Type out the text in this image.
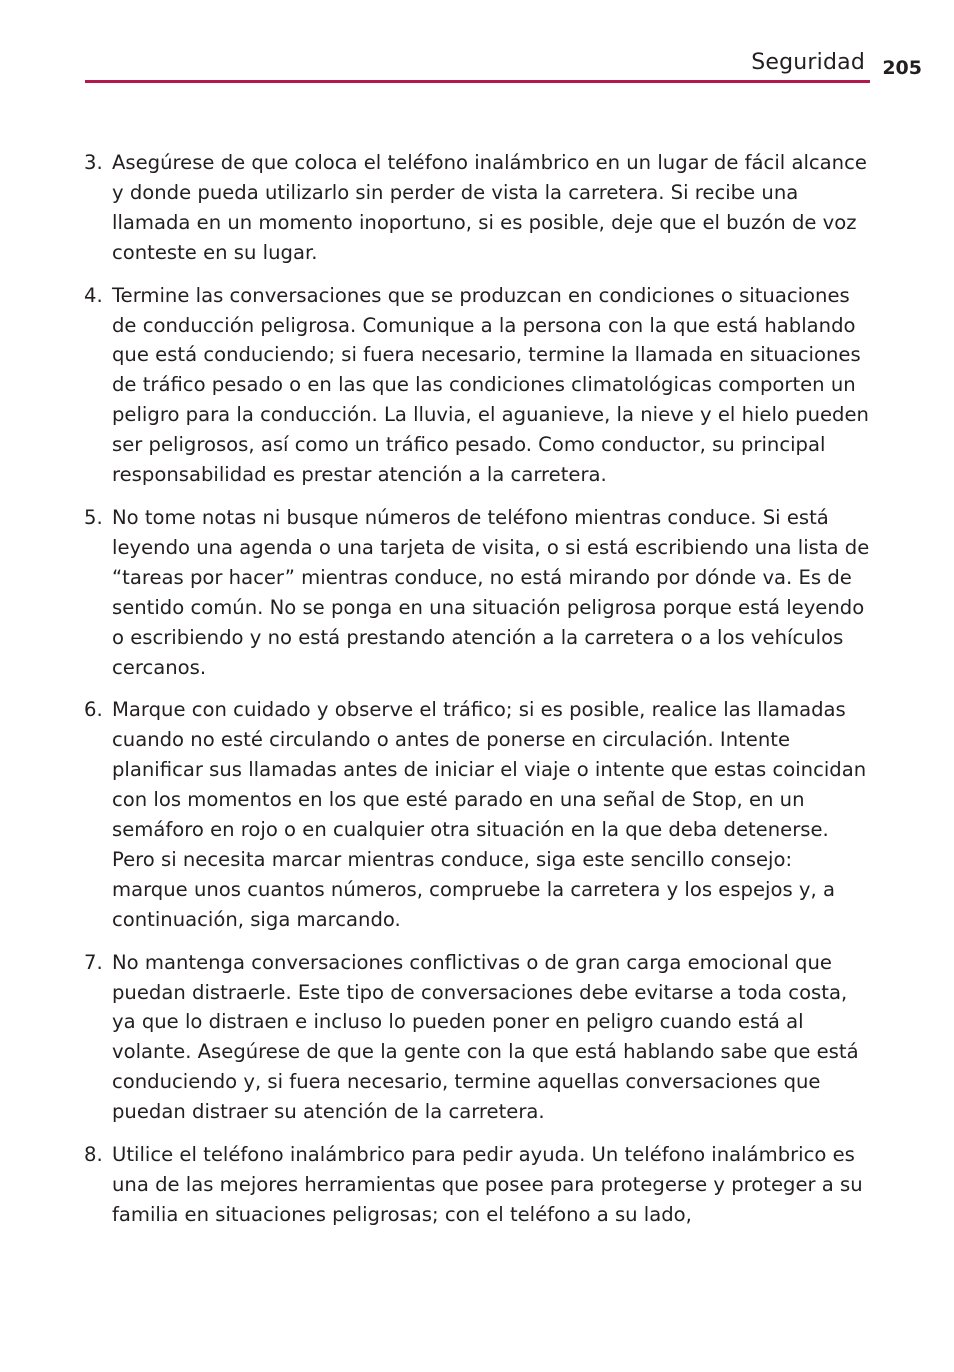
Seguridad 205
3. Asegúrese de que coloca el teléfono inalámbrico en un lugar de fácil alcance y donde pueda utilizarlo sin perder de vista la carretera. Si recibe una llamada en un momento inoportuno, si es posible, deje que el buzón de voz conteste en su lugar.
4. Termine las conversaciones que se produzcan en condiciones o situaciones de conducción peligrosa. Comunique a la persona con la que está hablando que está conduciendo; si fuera necesario, termine la llamada en situaciones de tráfico pesado o en las que las condiciones climatológicas comporten un peligro para la conducción. La lluvia, el aguanieve, la nieve y el hielo pueden ser peligrosos, así como un tráfico pesado. Como conductor, su principal responsabilidad es prestar atención a la carretera.
5. No tome notas ni busque números de teléfono mientras conduce. Si está leyendo una agenda o una tarjeta de visita, o si está escribiendo una lista de “tareas por hacer” mientras conduce, no está mirando por dónde va. Es de sentido común. No se ponga en una situación peligrosa porque está leyendo o escribiendo y no está prestando atención a la carretera o a los vehículos cercanos.
6. Marque con cuidado y observe el tráfico; si es posible, realice las llamadas cuando no esté circulando o antes de ponerse en circulación. Intente planificar sus llamadas antes de iniciar el viaje o intente que estas coincidan con los momentos en los que esté parado en una señal de Stop, en un semáforo en rojo o en cualquier otra situación en la que deba detenerse. Pero si necesita marcar mientras conduce, siga este sencillo consejo: marque unos cuantos números, compruebe la carretera y los espejos y, a continuación, siga marcando.
7. No mantenga conversaciones conflictivas o de gran carga emocional que puedan distraerle. Este tipo de conversaciones debe evitarse a toda costa, ya que lo distraen e incluso lo pueden poner en peligro cuando está al volante. Asegúrese de que la gente con la que está hablando sabe que está conduciendo y, si fuera necesario, termine aquellas conversaciones que puedan distraer su atención de la carretera.
8. Utilice el teléfono inalámbrico para pedir ayuda. Un teléfono inalámbrico es una de las mejores herramientas que posee para protegerse y proteger a su familia en situaciones peligrosas; con el teléfono a su lado,
